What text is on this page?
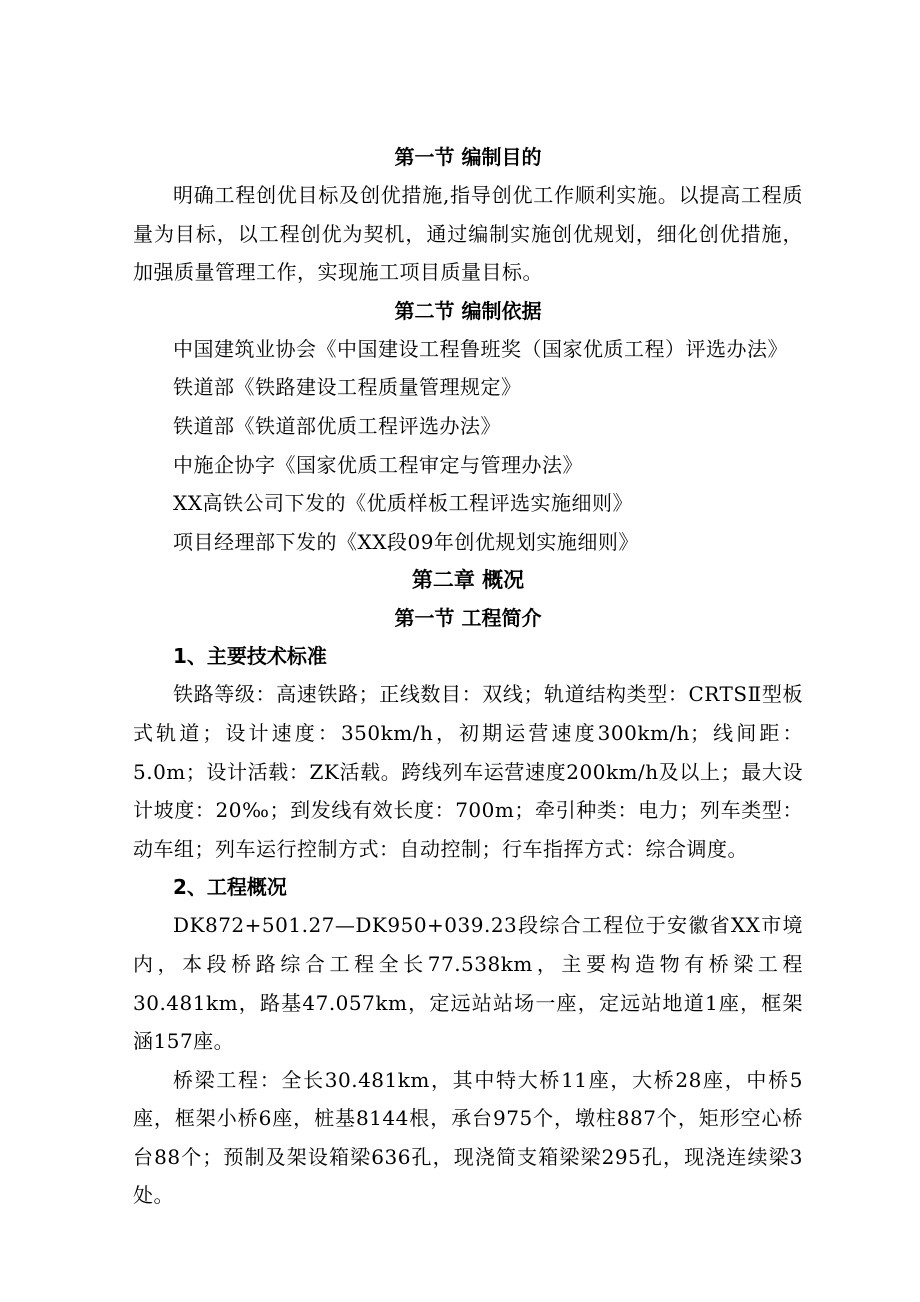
第一节 编制目的

明确工程创优目标及创优措施,指导创优工作顺利实施。以提高工程质量为目标，以工程创优为契机，通过编制实施创优规划，细化创优措施，加强质量管理工作，实现施工项目质量目标。

第二节 编制依据

中国建筑业协会《中国建设工程鲁班奖（国家优质工程）评选办法》

铁道部《铁路建设工程质量管理规定》

铁道部《铁道部优质工程评选办法》

中施企协字《国家优质工程审定与管理办法》

XX高铁公司下发的《优质样板工程评选实施细则》

项目经理部下发的《XX段09年创优规划实施细则》

第二章 概况
第一节 工程简介
1、主要技术标准

铁路等级：高速铁路；正线数目：双线；轨道结构类型：CRTSⅡ型板式轨道；设计速度：350km/h，初期运营速度300km/h；线间距：5.0m；设计活载：ZK活载。跨线列车运营速度200km/h及以上；最大设计坡度：20‰；到发线有效长度：700m；牵引种类：电力；列车类型：动车组；列车运行控制方式：自动控制；行车指挥方式：综合调度。

2、工程概况

DK872+501.27—DK950+039.23段综合工程位于安徽省XX市境内，本段桥路综合工程全长77.538km，主要构造物有桥梁工程30.481km，路基47.057km，定远站站场一座，定远站地道1座，框架涵157座。

桥梁工程：全长30.481km，其中特大桥11座，大桥28座，中桥5座，框架小桥6座，桩基8144根，承台975个，墩柱887个，矩形空心桥台88个；预制及架设箱梁636孔，现浇简支箱梁梁295孔，现浇连续梁3处。
